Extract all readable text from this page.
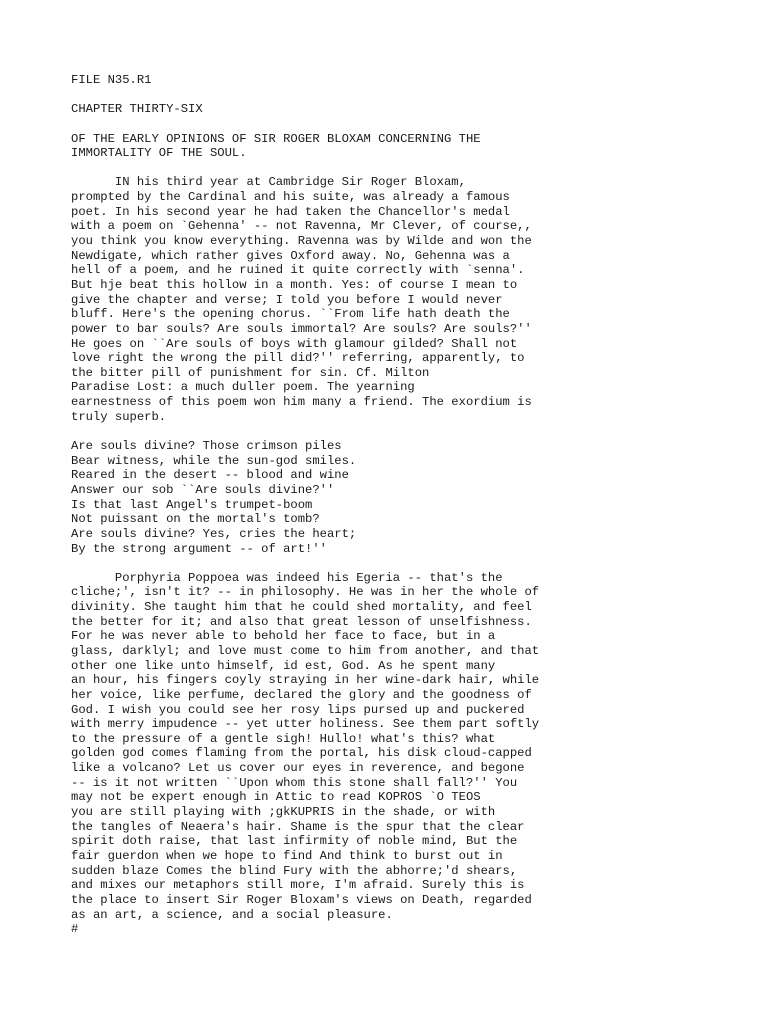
FILE N35.R1
CHAPTER THIRTY-SIX
OF THE EARLY OPINIONS OF SIR ROGER BLOXAM CONCERNING THE
IMMORTALITY OF THE SOUL.
IN his third year at Cambridge Sir Roger Bloxam,
prompted by the Cardinal and his suite, was already a famous
poet. In his second year he had taken the Chancellor's medal
with a poem on `Gehenna' -- not Ravenna, Mr Clever, of course,,
you think you know everything. Ravenna was by Wilde and won the
Newdigate, which rather gives Oxford away. No, Gehenna was a
hell of a poem, and he ruined it quite correctly with `senna'.
But hje beat this hollow in a month. Yes: of course I mean to
give the chapter and verse; I told you before I would never
bluff. Here's the opening chorus. ``From life hath death the
power to bar souls? Are souls immortal? Are souls? Are souls?''
He goes on ``Are souls of boys with glamour gilded? Shall not
love right the wrong the pill did?'' referring, apparently, to
the bitter pill of punishment for sin. Cf. Milton
Paradise Lost: a much duller poem. The yearning
earnestness of this poem won him many a friend. The exordium is
truly superb.
Are souls divine? Those crimson piles
Bear witness, while the sun-god smiles.
Reared in the desert -- blood and wine
Answer our sob ``Are souls divine?''
Is that last Angel's trumpet-boom
Not puissant on the mortal's tomb?
Are souls divine? Yes, cries the heart;
By the strong argument -- of art!''
Porphyria Poppoea was indeed his Egeria -- that's the
cliche;', isn't it? -- in philosophy. He was in her the whole of
divinity. She taught him that he could shed mortality, and feel
the better for it; and also that great lesson of unselfishness.
For he was never able to behold her face to face, but in a
glass, darklyl; and love must come to him from another, and that
other one like unto himself, id est, God. As he spent many
an hour, his fingers coyly straying in her wine-dark hair, while
her voice, like perfume, declared the glory and the goodness of
God. I wish you could see her rosy lips pursed up and puckered
with merry impudence -- yet utter holiness. See them part softly
to the pressure of a gentle sigh! Hullo! what's this? what
golden god comes flaming from the portal, his disk cloud-capped
like a volcano? Let us cover our eyes in reverence, and begone
-- is it not written ``Upon whom this stone shall fall?'' You
may not be expert enough in Attic to read KOPROS `O TEOS
you are still playing with ;gkKUPRIS in the shade, or with
the tangles of Neaera's hair. Shame is the spur that the clear
spirit doth raise, that last infirmity of noble mind, But the
fair guerdon when we hope to find And think to burst out in
sudden blaze Comes the blind Fury with the abhorre;'d shears,
and mixes our metaphors still more, I'm afraid. Surely this is
the place to insert Sir Roger Bloxam's views on Death, regarded
as an art, a science, and a social pleasure.
#
